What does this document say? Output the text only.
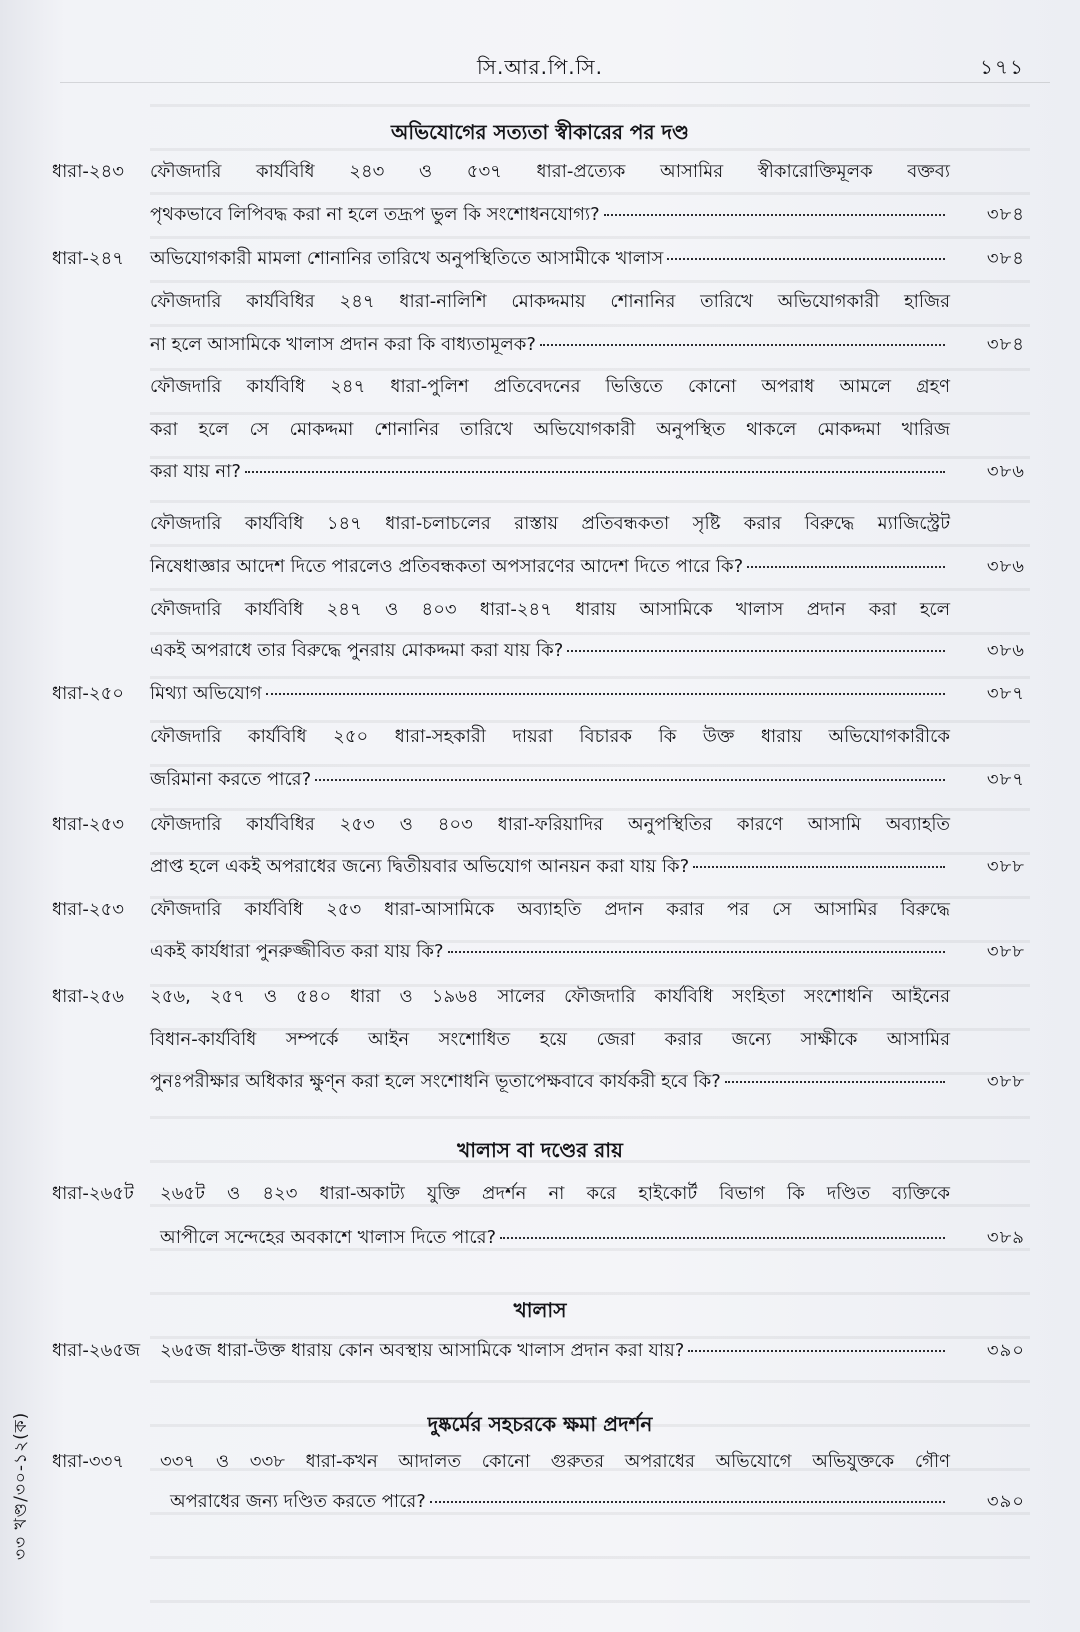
সি.আর.পি.সি.	১৭১
৩৩ খণ্ড/৩০-১২(ক)
অভিযোগের সত্যতা স্বীকারের পর দণ্ড
ধারা-২৪৩	ফৌজদারি কার্যবিধি ২৪৩ ও ৫৩৭ ধারা-প্রত্যেক আসামির স্বীকারোক্তিমূলক বক্তব্য
পৃথকভাবে লিপিবদ্ধ করা না হলে তদ্রূপ ভুল কি সংশোধনযোগ্য?	৩৮৪
ধারা-২৪৭	অভিযোগকারী মামলা শোনানির তারিখে অনুপস্থিতিতে আসামীকে খালাস	৩৮৪
ফৌজদারি কার্যবিধির ২৪৭ ধারা-নালিশি মোকদ্দমায় শোনানির তারিখে অভিযোগকারী হাজির
না হলে আসামিকে খালাস প্রদান করা কি বাধ্যতামূলক?	৩৮৪
ফৌজদারি কার্যবিধি ২৪৭ ধারা-পুলিশ প্রতিবেদনের ভিত্তিতে কোনো অপরাধ আমলে গ্রহণ
করা হলে সে মোকদ্দমা শোনানির তারিখে অভিযোগকারী অনুপস্থিত থাকলে মোকদ্দমা খারিজ
করা যায় না?	৩৮৬
ফৌজদারি কার্যবিধি ১৪৭ ধারা-চলাচলের রাস্তায় প্রতিবন্ধকতা সৃষ্টি করার বিরুদ্ধে ম্যাজিস্ট্রেট
নিষেধাজ্ঞার আদেশ দিতে পারলেও প্রতিবন্ধকতা অপসারণের আদেশ দিতে পারে কি?	৩৮৬
ফৌজদারি কার্যবিধি ২৪৭ ও ৪০৩ ধারা-২৪৭ ধারায় আসামিকে খালাস প্রদান করা হলে
একই অপরাধে তার বিরুদ্ধে পুনরায় মোকদ্দমা করা যায় কি?	৩৮৬
ধারা-২৫০	মিথ্যা অভিযোগ	৩৮৭
ফৌজদারি কার্যবিধি ২৫০ ধারা-সহকারী দায়রা বিচারক কি উক্ত ধারায় অভিযোগকারীকে
জরিমানা করতে পারে?	৩৮৭
ধারা-২৫৩	ফৌজদারি কার্যবিধির ২৫৩ ও ৪০৩ ধারা-ফরিয়াদির অনুপস্থিতির কারণে আসামি অব্যাহতি
প্রাপ্ত হলে একই অপরাধের জন্যে দ্বিতীয়বার অভিযোগ আনয়ন করা যায় কি?	৩৮৮
ধারা-২৫৩	ফৌজদারি কার্যবিধি ২৫৩ ধারা-আসামিকে অব্যাহতি প্রদান করার পর সে আসামির বিরুদ্ধে
একই কার্যধারা পুনরুজ্জীবিত করা যায় কি?	৩৮৮
ধারা-২৫৬	২৫৬, ২৫৭ ও ৫৪০ ধারা ও ১৯৬৪ সালের ফৌজদারি কার্যবিধি সংহিতা সংশোধনি আইনের
বিধান-কার্যবিধি সম্পর্কে আইন সংশোধিত হয়ে জেরা করার জন্যে সাক্ষীকে আসামির
পুনঃপরীক্ষার অধিকার ক্ষুণ্ন করা হলে সংশোধনি ভূতাপেক্ষবাবে কার্যকরী হবে কি?	৩৮৮
খালাস বা দণ্ডের রায়
ধারা-২৬৫ট	২৬৫ট ও ৪২৩ ধারা-অকাট্য যুক্তি প্রদর্শন না করে হাইকোর্ট বিভাগ কি দণ্ডিত ব্যক্তিকে
আপীলে সন্দেহের অবকাশে খালাস দিতে পারে?	৩৮৯
খালাস
ধারা-২৬৫জ	২৬৫জ ধারা-উক্ত ধারায় কোন অবস্থায় আসামিকে খালাস প্রদান করা যায়?	৩৯০
দুষ্কর্মের সহচরকে ক্ষমা প্রদর্শন
ধারা-৩৩৭	৩৩৭ ও ৩৩৮ ধারা-কখন আদালত কোনো গুরুতর অপরাধের অভিযোগে অভিযুক্তকে গৌণ
অপরাধের জন্য দণ্ডিত করতে পারে?	৩৯০
